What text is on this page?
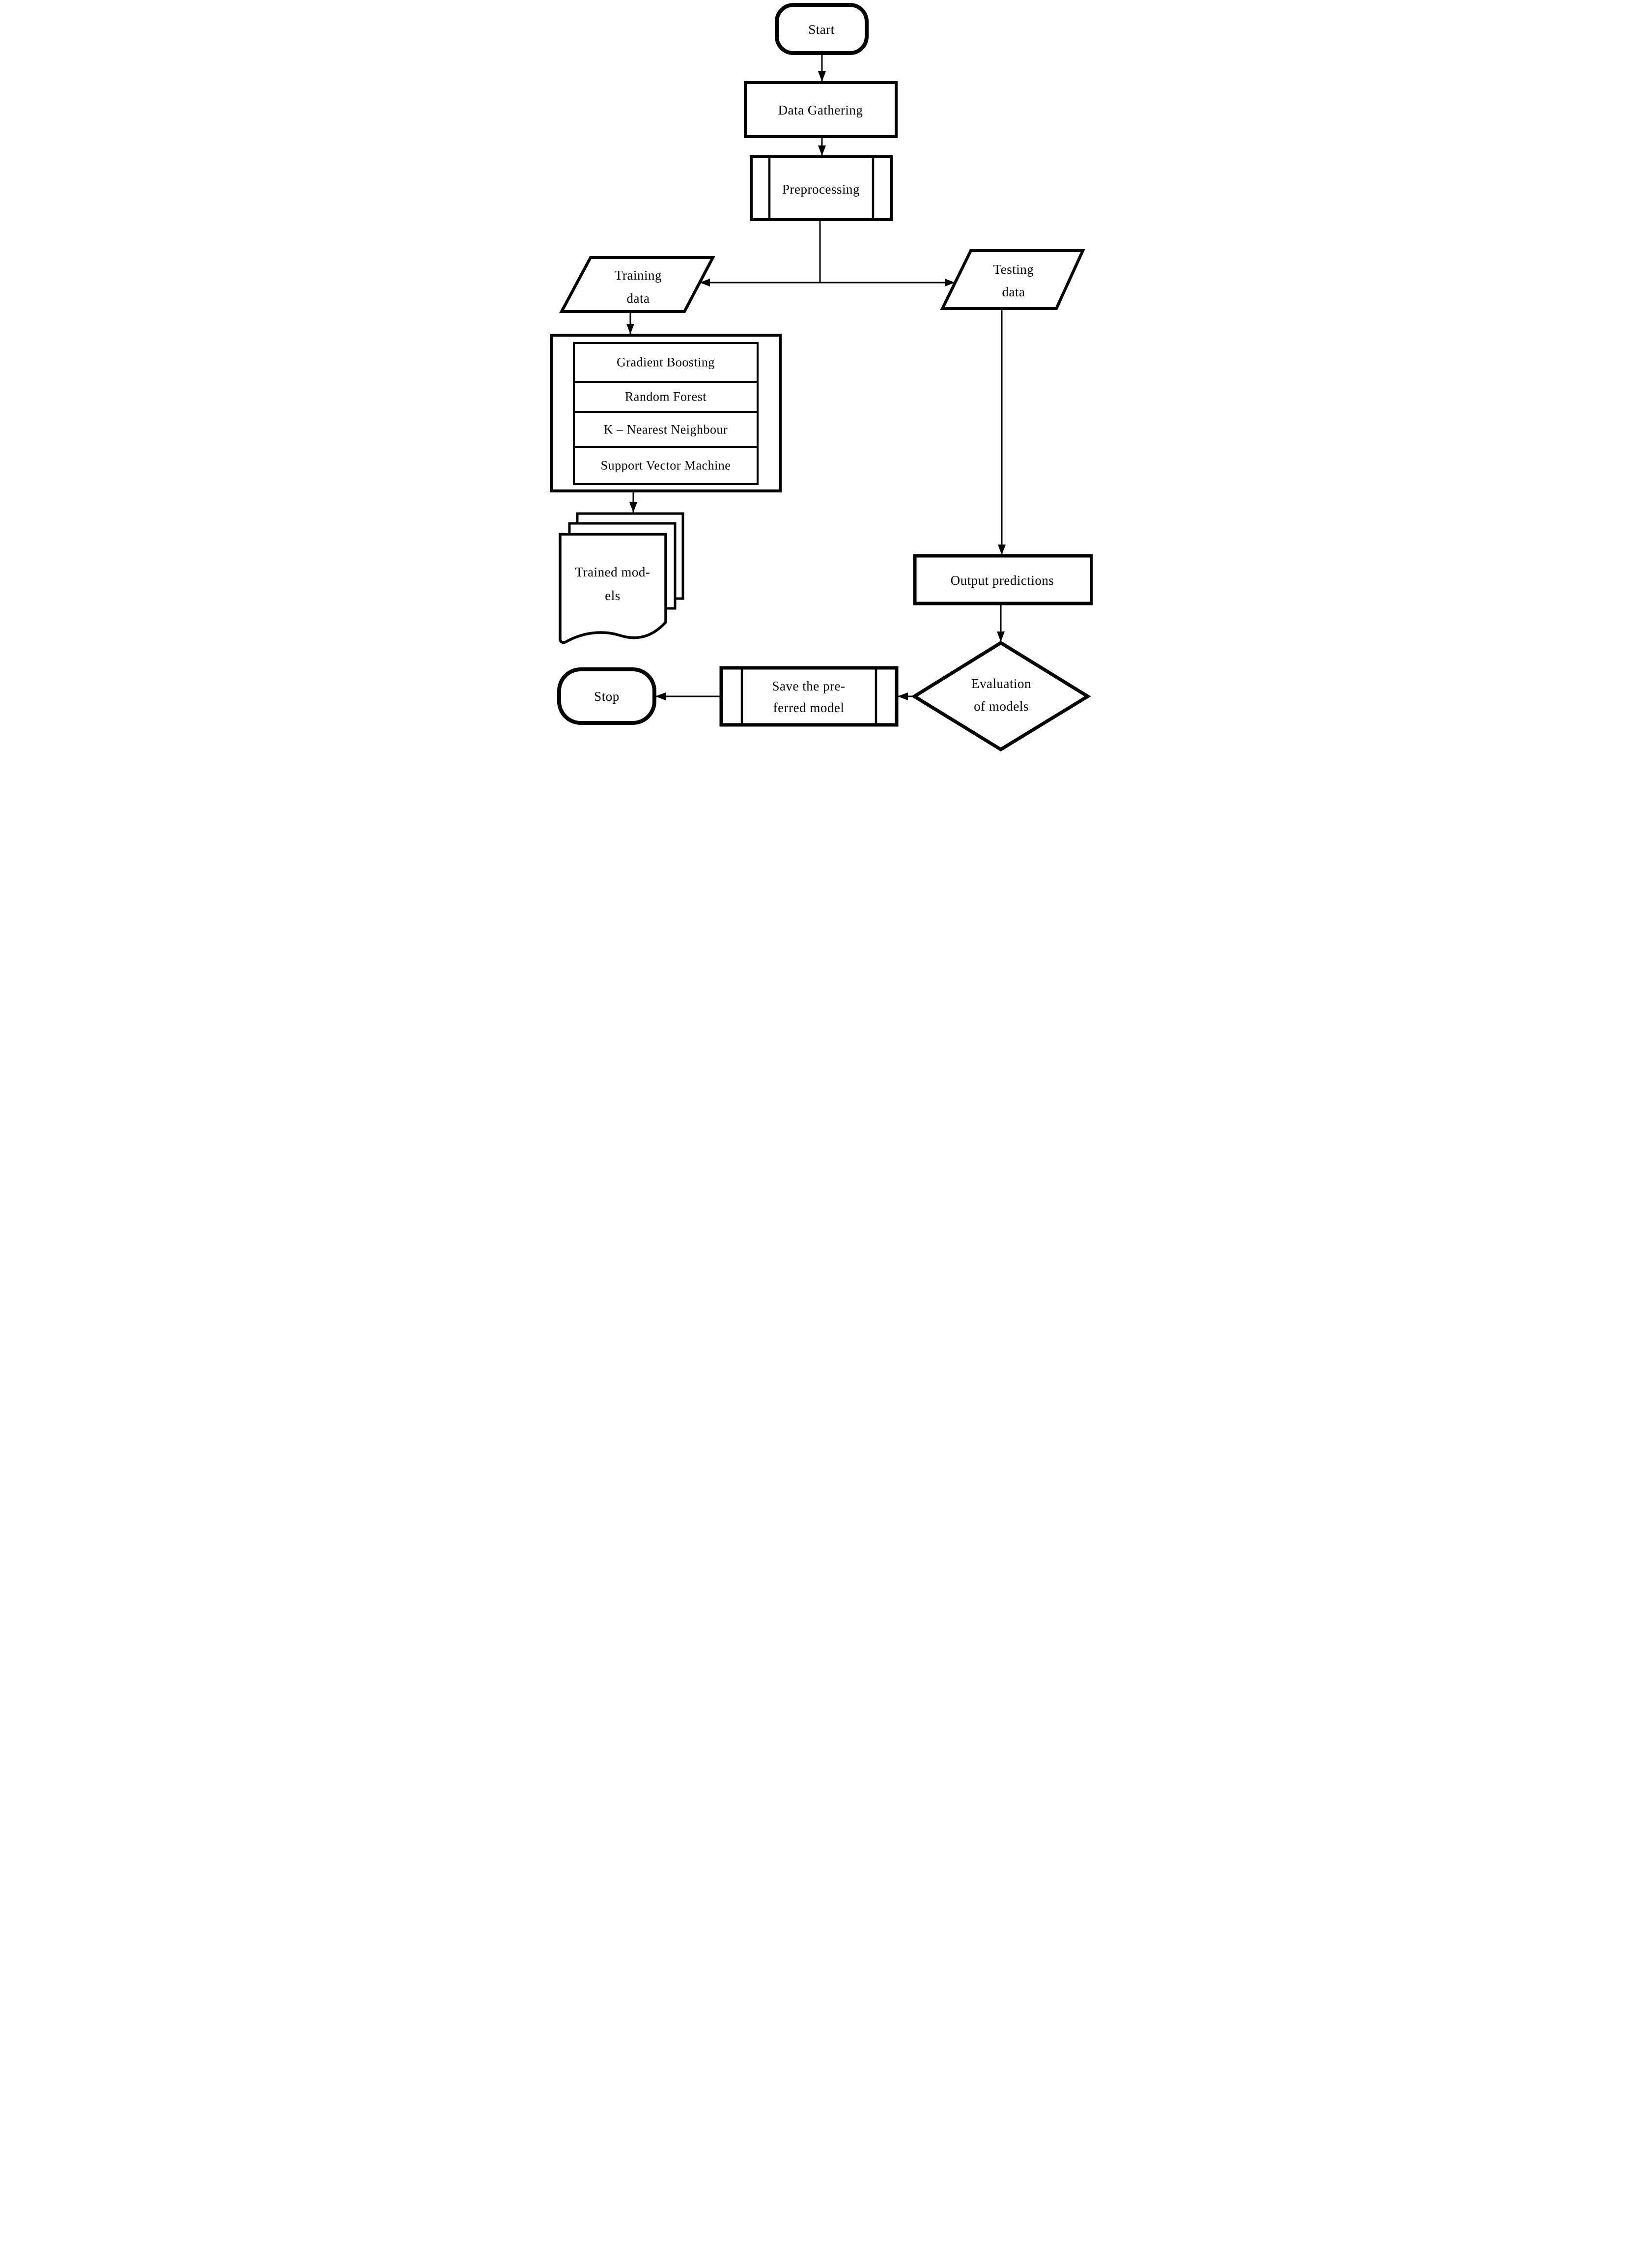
Start
Data Gathering
Preprocessing
Training
data
Testing
data
Gradient Boosting
Random Forest
K – Nearest Neighbour
Support Vector Machine
Trained mod-
els
Output predictions
Evaluation
of models
Save the pre-
ferred model
Stop
